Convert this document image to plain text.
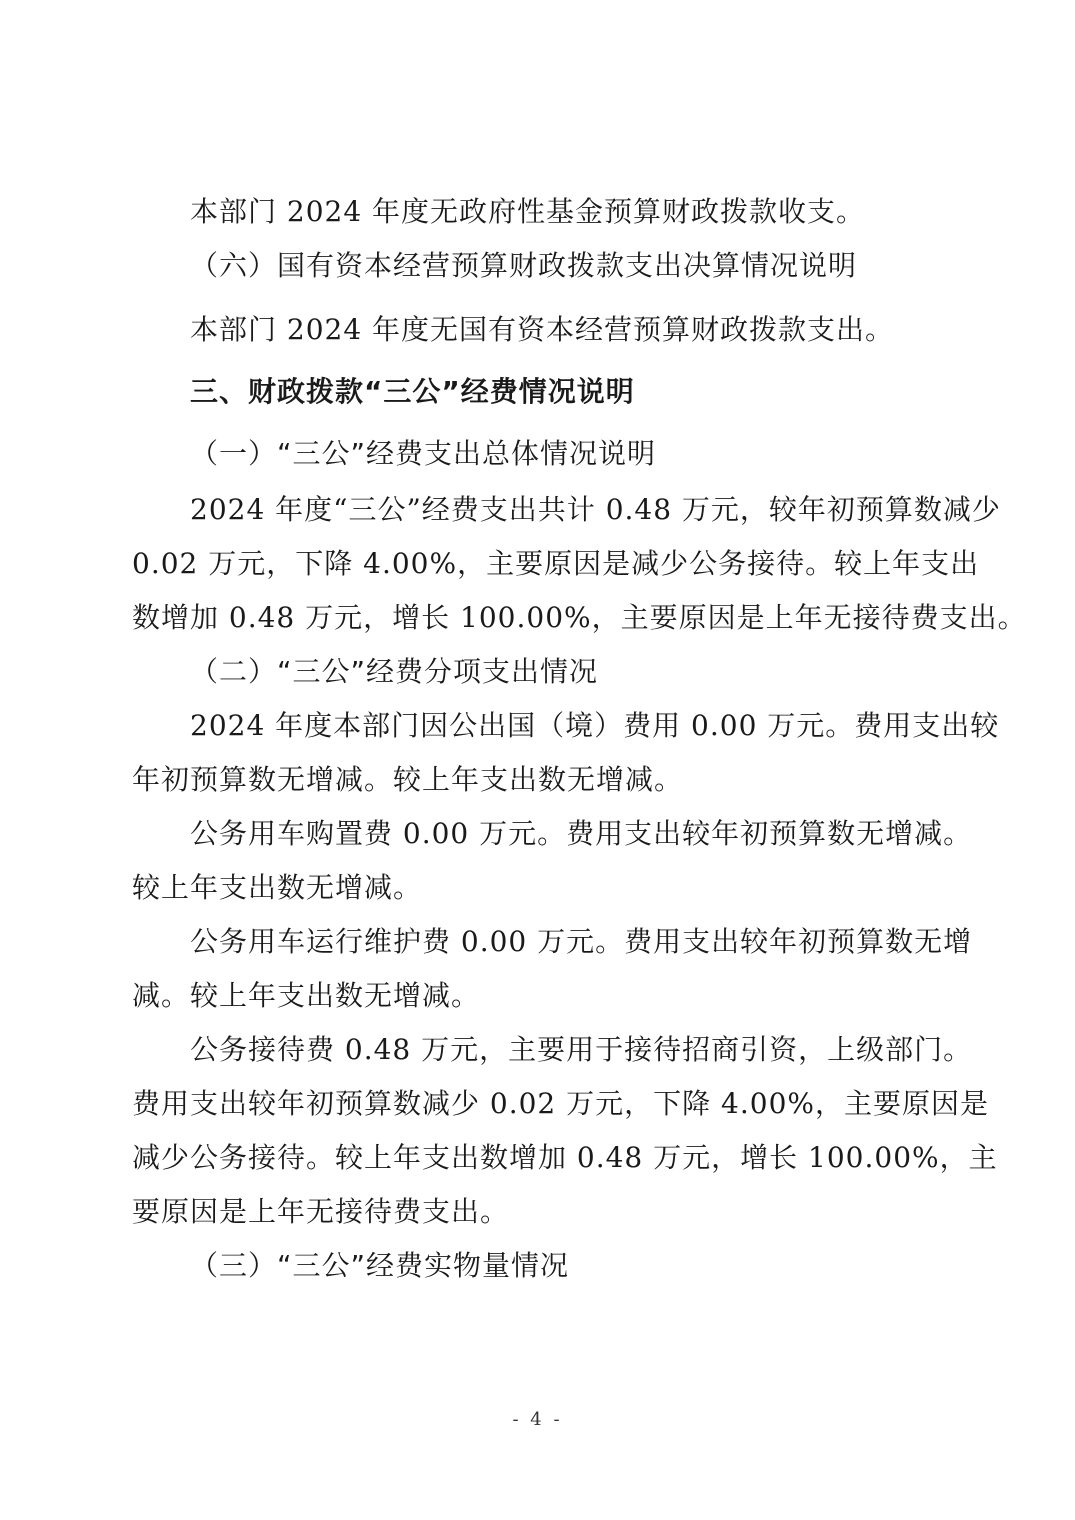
本部门 2024 年度无政府性基金预算财政拨款收支。
（六）国有资本经营预算财政拨款支出决算情况说明
本部门 2024 年度无国有资本经营预算财政拨款支出。
三、财政拨款“三公”经费情况说明
（一）“三公”经费支出总体情况说明
2024 年度“三公”经费支出共计 0.48 万元，较年初预算数减少
0.02 万元，下降 4.00%，主要原因是减少公务接待。较上年支出
数增加 0.48 万元，增长 100.00%，主要原因是上年无接待费支出。
（二）“三公”经费分项支出情况
2024 年度本部门因公出国（境）费用 0.00 万元。费用支出较
年初预算数无增减。较上年支出数无增减。
公务用车购置费 0.00 万元。费用支出较年初预算数无增减。
较上年支出数无增减。
公务用车运行维护费 0.00 万元。费用支出较年初预算数无增
减。较上年支出数无增减。
公务接待费 0.48 万元，主要用于接待招商引资，上级部门。
费用支出较年初预算数减少 0.02 万元，下降 4.00%，主要原因是
减少公务接待。较上年支出数增加 0.48 万元，增长 100.00%，主
要原因是上年无接待费支出。
（三）“三公”经费实物量情况
- 4 -
